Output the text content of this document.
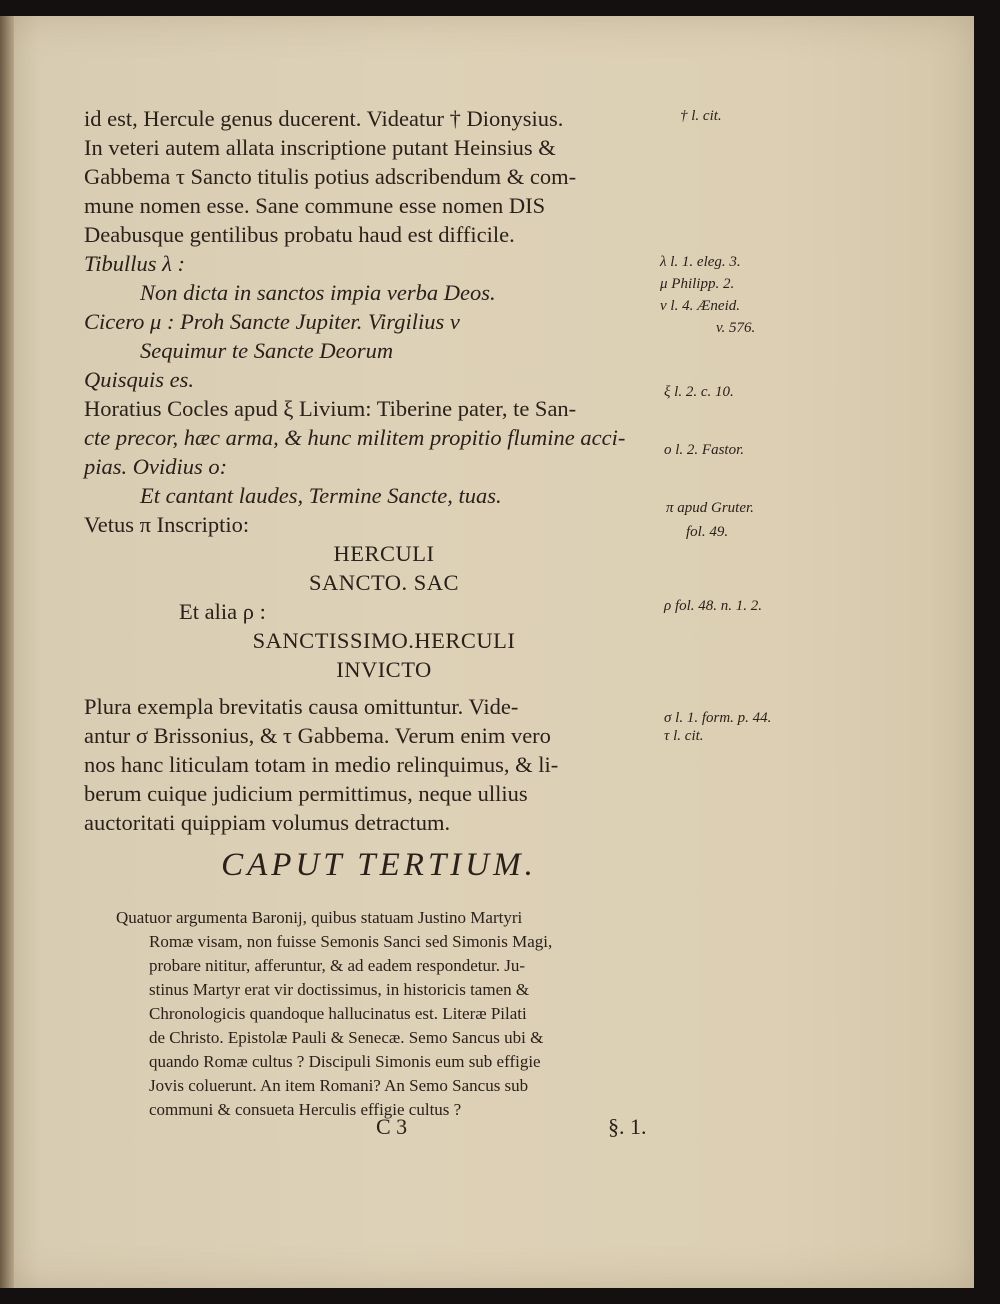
id est, Hercule genus ducerent. Videatur † Dionysius.
In veteri autem allata inscriptione putant Heinsius &
Gabbema τ Sancto titulis potius adscribendum & com-
mune nomen esse. Sane commune esse nomen DIS
Deabusque gentilibus probatu haud est difficile.
Tibullus λ :
Non dicta in sanctos impia verba Deos.
Cicero μ : Proh Sancte Jupiter. Virgilius ν
Sequimur te Sancte Deorum
Quisquis es.
Horatius Cocles apud ξ Livium: Tiberine pater, te San-
cte precor, hæc arma, & hunc militem propitio flumine acci-
pias. Ovidius ο:
Et cantant laudes, Termine Sancte, tuas.
Vetus π Inscriptio:
HERCULI
SANCTO. SAC
Et alia ρ :
SANCTISSIMO.HERCULI
INVICTO
Plura exempla brevitatis causa omittuntur. Vide-
antur σ Brissonius, & τ Gabbema. Verum enim vero
nos hanc liticulam totam in medio relinquimus, & li-
berum cuique judicium permittimus, neque ullius
auctoritati quippiam volumus detractum.
CAPUT TERTIUM.
Quatuor argumenta Baronij, quibus statuam Justino Martyri
Romæ visam, non fuisse Semonis Sanci sed Simonis Magi,
probare nititur, afferuntur, & ad eadem respondetur. Ju-
stinus Martyr erat vir doctissimus, in historicis tamen &
Chronologicis quandoque hallucinatus est. Literæ Pilati
de Christo. Epistolæ Pauli & Senecæ. Semo Sancus ubi &
quando Romæ cultus ? Discipuli Simonis eum sub effigie
Jovis coluerunt. An item Romani? An Semo Sancus sub
communi & consueta Herculis effigie cultus ?
† l. cit.
λ l. 1. eleg. 3.
μ Philipp. 2.
ν l. 4. Æneid.
v. 576.
ξ l. 2. c. 10.
ο l. 2. Fastor.
π apud Gruter.
fol. 49.
ρ fol. 48. n. 1. 2.
σ l. 1. form. p. 44.
τ l. cit.
C 3	§. 1.
